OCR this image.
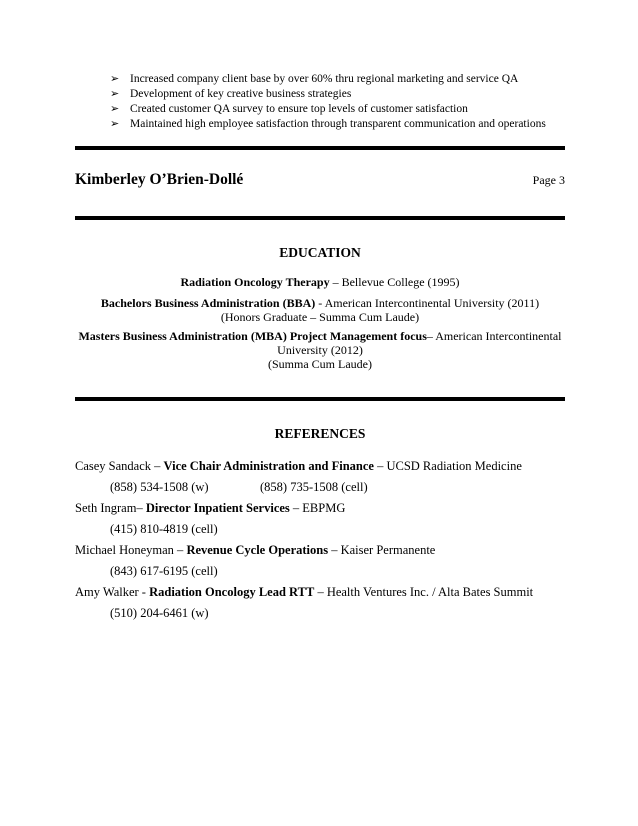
➢ Increased company client base by over 60% thru regional marketing and service QA
➢ Development of key creative business strategies
➢ Created customer QA survey to ensure top levels of customer satisfaction
➢ Maintained high employee satisfaction through transparent communication and operations
Kimberley O’Brien-Dollé	Page 3
EDUCATION
Radiation Oncology Therapy – Bellevue College (1995)
Bachelors Business Administration (BBA) - American Intercontinental University (2011)
(Honors Graduate – Summa Cum Laude)
Masters Business Administration (MBA) Project Management focus– American Intercontinental University (2012)
(Summa Cum Laude)
REFERENCES
Casey Sandack – Vice Chair Administration and Finance – UCSD Radiation Medicine
(858) 534-1508 (w)	(858) 735-1508 (cell)
Seth Ingram– Director Inpatient Services – EBPMG
(415) 810-4819 (cell)
Michael Honeyman – Revenue Cycle Operations – Kaiser Permanente
(843) 617-6195 (cell)
Amy Walker - Radiation Oncology Lead RTT – Health Ventures Inc. / Alta Bates Summit
(510) 204-6461 (w)
